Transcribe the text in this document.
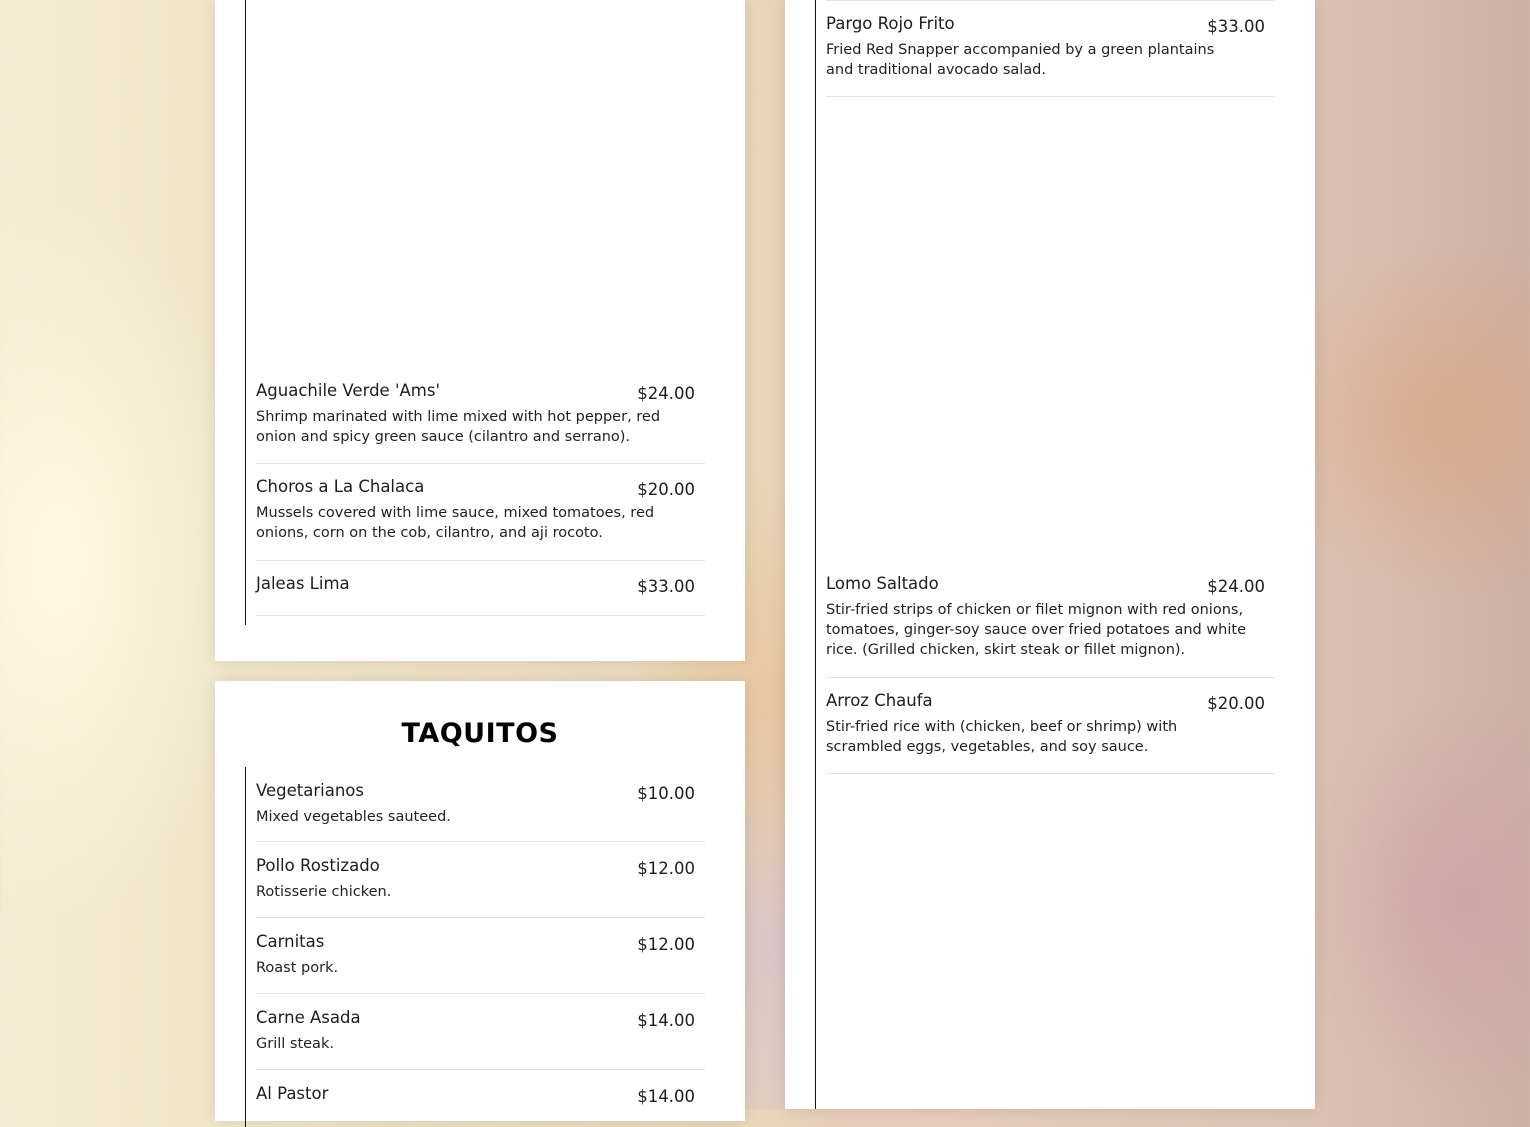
Aguachile Verde 'Ams'	$24.00
Shrimp marinated with lime mixed with hot pepper, red onion and spicy green sauce (cilantro and serrano).
Choros a La Chalaca	$20.00
Mussels covered with lime sauce, mixed tomatoes, red onions, corn on the cob, cilantro, and aji rocoto.
Jaleas Lima	$33.00
TAQUITOS
Vegetarianos	$10.00
Mixed vegetables sauteed.
Pollo Rostizado	$12.00
Rotisserie chicken.
Carnitas	$12.00
Roast pork.
Carne Asada	$14.00
Grill steak.
Al Pastor	$14.00
Pargo Rojo Frito	$33.00
Fried Red Snapper accompanied by a green plantains and traditional avocado salad.
Lomo Saltado	$24.00
Stir-fried strips of chicken or filet mignon with red onions, tomatoes, ginger-soy sauce over fried potatoes and white rice. (Grilled chicken, skirt steak or fillet mignon).
Arroz Chaufa	$20.00
Stir-fried rice with (chicken, beef or shrimp) with scrambled eggs, vegetables, and soy sauce.
